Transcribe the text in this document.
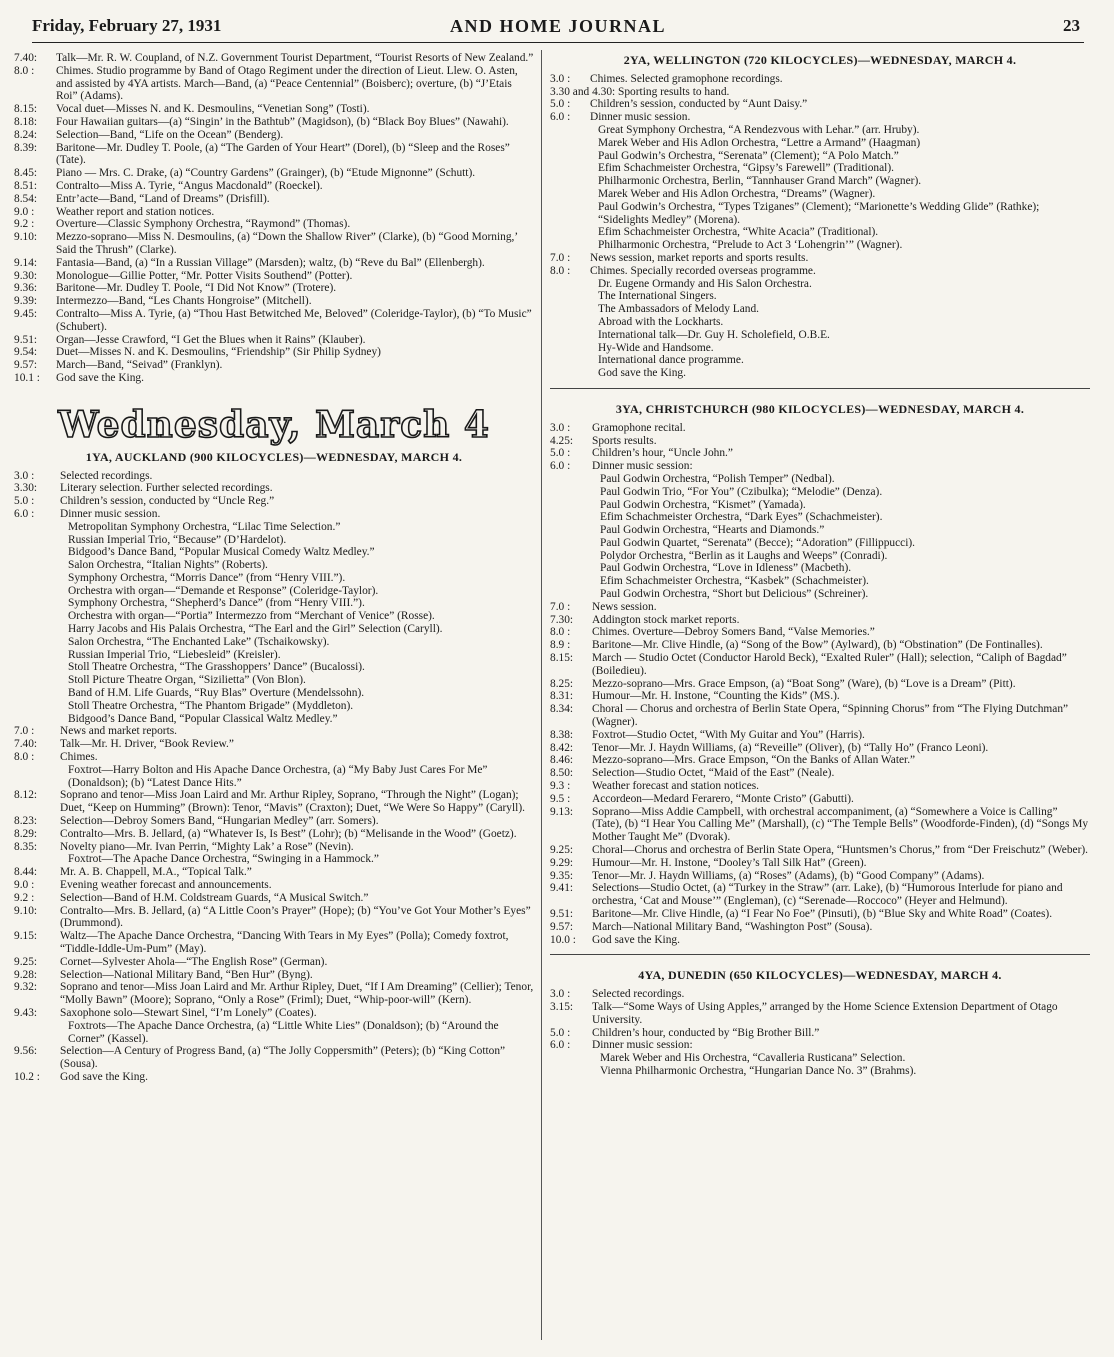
Friday, February 27, 1931	AND HOME JOURNAL	23
7.40:	Talk—Mr. R. W. Coupland, of N.Z. Government Tourist Department, “Tourist Resorts of New Zealand.”
8.0 :	Chimes. Studio programme by Band of Otago Regiment under the direction of Lieut. Llew. O. Asten, and assisted by 4YA artists. March—Band, (a) “Peace Centennial” (Boisberc); overture, (b) “J’Etais Roi” (Adams).
8.15:	Vocal duet—Misses N. and K. Desmoulins, “Venetian Song” (Tosti).
8.18:	Four Hawaiian guitars—(a) “Singin’ in the Bathtub” (Magidson), (b) “Black Boy Blues” (Nawahi).
8.24:	Selection—Band, “Life on the Ocean” (Benderg).
8.39:	Baritone—Mr. Dudley T. Poole, (a) “The Garden of Your Heart” (Dorel), (b) “Sleep and the Roses” (Tate).
8.45:	Piano — Mrs. C. Drake, (a) “Country Gardens” (Grainger), (b) “Etude Mignonne” (Schutt).
8.51:	Contralto—Miss A. Tyrie, “Angus Macdonald” (Roeckel).
8.54:	Entr’acte—Band, “Land of Dreams” (Drisfill).
9.0 :	Weather report and station notices.
9.2 :	Overture—Classic Symphony Orchestra, “Raymond” (Thomas).
9.10:	Mezzo-soprano—Miss N. Desmoulins, (a) “Down the Shallow River” (Clarke), (b) “Good Morning,’ Said the Thrush” (Clarke).
9.14:	Fantasia—Band, (a) “In a Russian Village” (Marsden); waltz, (b) “Reve du Bal” (Ellenbergh).
9.30:	Monologue—Gillie Potter, “Mr. Potter Visits Southend” (Potter).
9.36:	Baritone—Mr. Dudley T. Poole, “I Did Not Know” (Trotere).
9.39:	Intermezzo—Band, “Les Chants Hongroise” (Mitchell).
9.45:	Contralto—Miss A. Tyrie, (a) “Thou Hast Betwitched Me, Beloved” (Coleridge-Taylor), (b) “To Music” (Schubert).
9.51:	Organ—Jesse Crawford, “I Get the Blues when it Rains” (Klauber).
9.54:	Duet—Misses N. and K. Desmoulins, “Friendship” (Sir Philip Sydney)
9.57:	March—Band, “Seivad” (Franklyn).
10.1 :	God save the King.
Wednesday, March 4
1YA, AUCKLAND (900 KILOCYCLES)—WEDNESDAY, MARCH 4.
3.0 :	Selected recordings.
3.30:	Literary selection. Further selected recordings.
5.0 :	Children’s session, conducted by “Uncle Reg.”
6.0 :	Dinner music session.
Metropolitan Symphony Orchestra, “Lilac Time Selection.”
Russian Imperial Trio, “Because” (D’Hardelot).
Bidgood’s Dance Band, “Popular Musical Comedy Waltz Medley.”
Salon Orchestra, “Italian Nights” (Roberts).
Symphony Orchestra, “Morris Dance” (from “Henry VIII.”).
Orchestra with organ—“Demande et Response” (Coleridge-Taylor).
Symphony Orchestra, “Shepherd’s Dance” (from “Henry VIII.”).
Orchestra with organ—“Portia” Intermezzo from “Merchant of Venice” (Rosse).
Harry Jacobs and His Palais Orchestra, “The Earl and the Girl” Selection (Caryll).
Salon Orchestra, “The Enchanted Lake” (Tschaikowsky).
Russian Imperial Trio, “Liebesleid” (Kreisler).
Stoll Theatre Orchestra, “The Grasshoppers’ Dance” (Bucalossi).
Stoll Picture Theatre Organ, “Sizilietta” (Von Blon).
Band of H.M. Life Guards, “Ruy Blas” Overture (Mendelssohn).
Stoll Theatre Orchestra, “The Phantom Brigade” (Myddleton).
Bidgood’s Dance Band, “Popular Classical Waltz Medley.”
7.0 :	News and market reports.
7.40:	Talk—Mr. H. Driver, “Book Review.”
8.0 :	Chimes.
Foxtrot—Harry Bolton and His Apache Dance Orchestra, (a) “My Baby Just Cares For Me” (Donaldson); (b) “Latest Dance Hits.”
8.12:	Soprano and tenor—Miss Joan Laird and Mr. Arthur Ripley, Soprano, “Through the Night” (Logan); Duet, “Keep on Humming” (Brown): Tenor, “Mavis” (Craxton); Duet, “We Were So Happy” (Caryll).
8.23:	Selection—Debroy Somers Band, “Hungarian Medley” (arr. Somers).
8.29:	Contralto—Mrs. B. Jellard, (a) “Whatever Is, Is Best” (Lohr); (b) “Melisande in the Wood” (Goetz).
8.35:	Novelty piano—Mr. Ivan Perrin, “Mighty Lak’ a Rose” (Nevin).
Foxtrot—The Apache Dance Orchestra, “Swinging in a Hammock.”
8.44:	Mr. A. B. Chappell, M.A., “Topical Talk.”
9.0 :	Evening weather forecast and announcements.
9.2 :	Selection—Band of H.M. Coldstream Guards, “A Musical Switch.”
9.10:	Contralto—Mrs. B. Jellard, (a) “A Little Coon’s Prayer” (Hope); (b) “You’ve Got Your Mother’s Eyes” (Drummond).
9.15:	Waltz—The Apache Dance Orchestra, “Dancing With Tears in My Eyes” (Polla); Comedy foxtrot, “Tiddle-Iddle-Um-Pum” (May).
9.25:	Cornet—Sylvester Ahola—“The English Rose” (German).
9.28:	Selection—National Military Band, “Ben Hur” (Byng).
9.32:	Soprano and tenor—Miss Joan Laird and Mr. Arthur Ripley, Duet, “If I Am Dreaming” (Cellier); Tenor, “Molly Bawn” (Moore); Soprano, “Only a Rose” (Friml); Duet, “Whip-poor-will” (Kern).
9.43:	Saxophone solo—Stewart Sinel, “I’m Lonely” (Coates).
Foxtrots—The Apache Dance Orchestra, (a) “Little White Lies” (Donaldson); (b) “Around the Corner” (Kassel).
9.56:	Selection—A Century of Progress Band, (a) “The Jolly Coppersmith” (Peters); (b) “King Cotton” (Sousa).
10.2 :	God save the King.
2YA, WELLINGTON (720 KILOCYCLES)—WEDNESDAY, MARCH 4.
3.0 :	Chimes. Selected gramophone recordings.
3.30 and 4.30: Sporting results to hand.
5.0 :	Children’s session, conducted by “Aunt Daisy.”
6.0 :	Dinner music session.
Great Symphony Orchestra, “A Rendezvous with Lehar.” (arr. Hruby).
Marek Weber and His Adlon Orchestra, “Lettre a Armand” (Haagman)
Paul Godwin’s Orchestra, “Serenata” (Clement); “A Polo Match.”
Efim Schachmeister Orchestra, “Gipsy’s Farewell” (Traditional).
Philharmonic Orchestra, Berlin, “Tannhauser Grand March” (Wagner).
Marek Weber and His Adlon Orchestra, “Dreams” (Wagner).
Paul Godwin’s Orchestra, “Types Tziganes” (Clement); “Marionette’s Wedding Glide” (Rathke); “Sidelights Medley” (Morena).
Efim Schachmeister Orchestra, “White Acacia” (Traditional).
Philharmonic Orchestra, “Prelude to Act 3 ‘Lohengrin’” (Wagner).
7.0 :	News session, market reports and sports results.
8.0 :	Chimes. Specially recorded overseas programme.
Dr. Eugene Ormandy and His Salon Orchestra.
The International Singers.
The Ambassadors of Melody Land.
Abroad with the Lockharts.
International talk—Dr. Guy H. Scholefield, O.B.E.
Hy-Wide and Handsome.
International dance programme.
God save the King.
3YA, CHRISTCHURCH (980 KILOCYCLES)—WEDNESDAY, MARCH 4.
3.0 :	Gramophone recital.
4.25:	Sports results.
5.0 :	Children’s hour, “Uncle John.”
6.0 :	Dinner music session:
Paul Godwin Orchestra, “Polish Temper” (Nedbal).
Paul Godwin Trio, “For You” (Czibulka); “Melodie” (Denza).
Paul Godwin Orchestra, “Kismet” (Yamada).
Efim Schachmeister Orchestra, “Dark Eyes” (Schachmeister).
Paul Godwin Orchestra, “Hearts and Diamonds.”
Paul Godwin Quartet, “Serenata” (Becce); “Adoration” (Fillippucci).
Polydor Orchestra, “Berlin as it Laughs and Weeps” (Conradi).
Paul Godwin Orchestra, “Love in Idleness” (Macbeth).
Efim Schachmeister Orchestra, “Kasbek” (Schachmeister).
Paul Godwin Orchestra, “Short but Delicious” (Schreiner).
7.0 :	News session.
7.30:	Addington stock market reports.
8.0 :	Chimes. Overture—Debroy Somers Band, “Valse Memories.”
8.9 :	Baritone—Mr. Clive Hindle, (a) “Song of the Bow” (Aylward), (b) “Obstination” (De Fontinalles).
8.15:	March — Studio Octet (Conductor Harold Beck), “Exalted Ruler” (Hall); selection, “Caliph of Bagdad” (Boiledieu).
8.25:	Mezzo-soprano—Mrs. Grace Empson, (a) “Boat Song” (Ware), (b) “Love is a Dream” (Pitt).
8.31:	Humour—Mr. H. Instone, “Counting the Kids” (MS.).
8.34:	Choral — Chorus and orchestra of Berlin State Opera, “Spinning Chorus” from “The Flying Dutchman” (Wagner).
8.38:	Foxtrot—Studio Octet, “With My Guitar and You” (Harris).
8.42:	Tenor—Mr. J. Haydn Williams, (a) “Reveille” (Oliver), (b) “Tally Ho” (Franco Leoni).
8.46:	Mezzo-soprano—Mrs. Grace Empson, “On the Banks of Allan Water.”
8.50:	Selection—Studio Octet, “Maid of the East” (Neale).
9.3 :	Weather forecast and station notices.
9.5 :	Accordeon—Medard Ferarero, “Monte Cristo” (Gabutti).
9.13:	Soprano—Miss Addie Campbell, with orchestral accompaniment, (a) “Somewhere a Voice is Calling” (Tate), (b) “I Hear You Calling Me” (Marshall), (c) “The Temple Bells” (Woodforde-Finden), (d) “Songs My Mother Taught Me” (Dvorak).
9.25:	Choral—Chorus and orchestra of Berlin State Opera, “Huntsmen’s Chorus,” from “Der Freischutz” (Weber).
9.29:	Humour—Mr. H. Instone, “Dooley’s Tall Silk Hat” (Green).
9.35:	Tenor—Mr. J. Haydn Williams, (a) “Roses” (Adams), (b) “Good Company” (Adams).
9.41:	Selections—Studio Octet, (a) “Turkey in the Straw” (arr. Lake), (b) “Humorous Interlude for piano and orchestra, ‘Cat and Mouse’” (Engleman), (c) “Serenade—Roccoco” (Heyer and Helmund).
9.51:	Baritone—Mr. Clive Hindle, (a) “I Fear No Foe” (Pinsuti), (b) “Blue Sky and White Road” (Coates).
9.57:	March—National Military Band, “Washington Post” (Sousa).
10.0 :	God save the King.
4YA, DUNEDIN (650 KILOCYCLES)—WEDNESDAY, MARCH 4.
3.0 :	Selected recordings.
3.15:	Talk—“Some Ways of Using Apples,” arranged by the Home Science Extension Department of Otago University.
5.0 :	Children’s hour, conducted by “Big Brother Bill.”
6.0 :	Dinner music session:
Marek Weber and His Orchestra, “Cavalleria Rusticana” Selection.
Vienna Philharmonic Orchestra, “Hungarian Dance No. 3” (Brahms).
